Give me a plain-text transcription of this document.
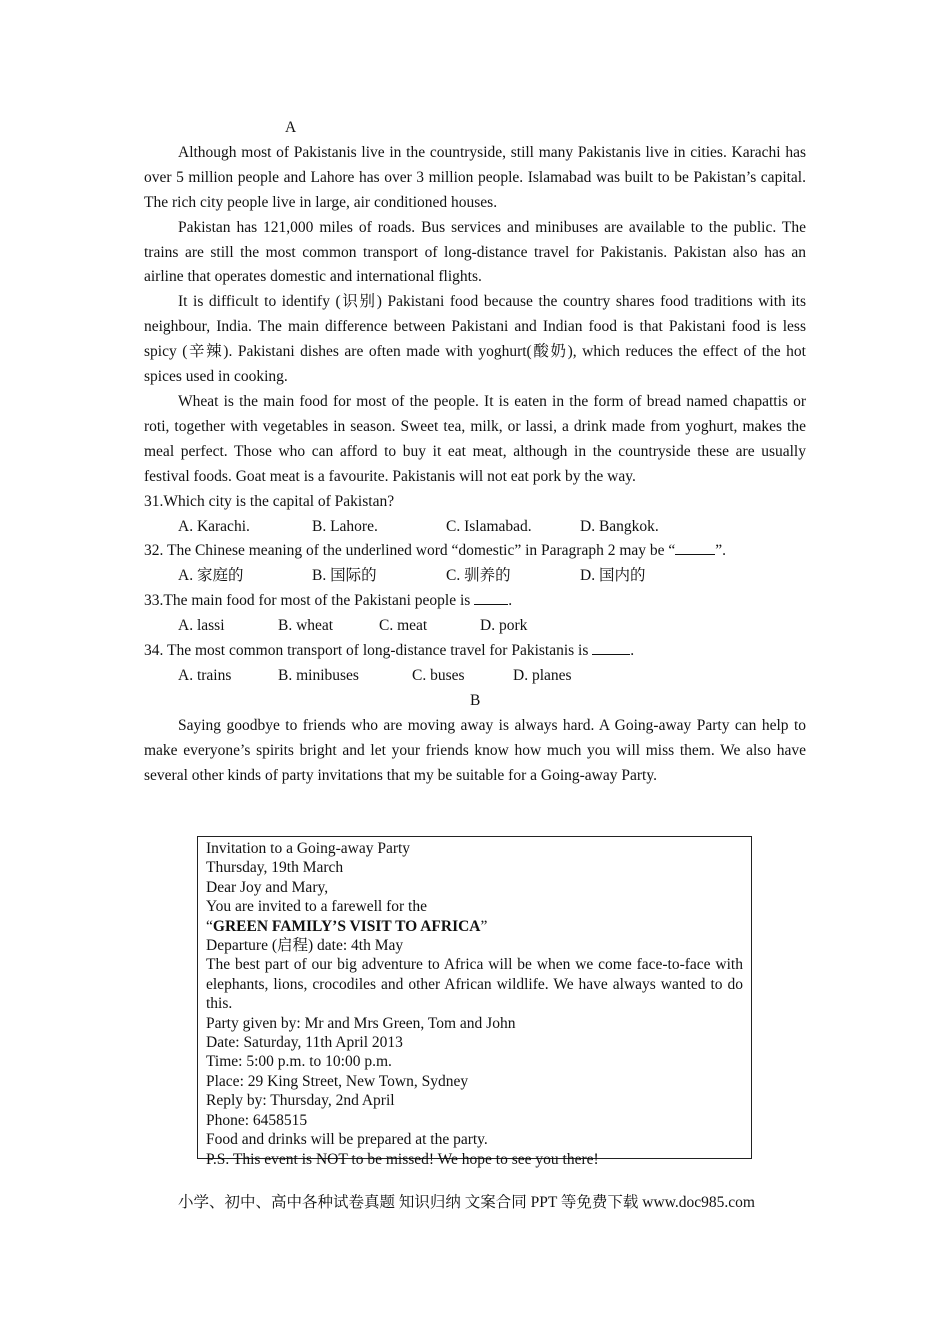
A

Although most of Pakistanis live in the countryside, still many Pakistanis live in cities. Karachi has over 5 million people and Lahore has over 3 million people. Islamabad was built to be Pakistan’s capital. The rich city people live in large, air conditioned houses.

Pakistan has 121,000 miles of roads. Bus services and minibuses are available to the public. The trains are still the most common transport of long-distance travel for Pakistanis. Pakistan also has an airline that operates domestic and international flights.

It is difficult to identify (识别) Pakistani food because the country shares food traditions with its neighbour, India. The main difference between Pakistani and Indian food is that Pakistani food is less spicy (辛辣). Pakistani dishes are often made with yoghurt(酸奶), which reduces the effect of the hot spices used in cooking.

Wheat is the main food for most of the people. It is eaten in the form of bread named chapattis or roti, together with vegetables in season. Sweet tea, milk, or lassi, a drink made from yoghurt, makes the meal perfect. Those who can afford to buy it eat meat, although in the countryside these are usually festival foods. Goat meat is a favourite. Pakistanis will not eat pork by the way.

31.Which city is the capital of Pakistan?

A. Karachi.	B. Lahore.	C. Islamabad.	D. Bangkok.

32. The Chinese meaning of the underlined word “domestic” in Paragraph 2 may be “	”.

A. 家庭的	B. 国际的	C. 驯养的	D. 国内的

33.The main food for most of the Pakistani people is .

A. lassi	B. wheat	C. meat	D. pork

34. The most common transport of long-distance travel for Pakistanis is .

A. trains	B. minibuses	C. buses	D. planes

B

Saying goodbye to friends who are moving away is always hard. A Going-away Party can help to make everyone’s spirits bright and let your friends know how much you will miss them. We also have several other kinds of party invitations that my be suitable for a Going-away Party.

Invitation to a Going-away Party
Thursday, 19th March
Dear Joy and Mary,
You are invited to a farewell for the
“GREEN FAMILY’S VISIT TO AFRICA”
Departure (启程) date: 4th May
The best part of our big adventure to Africa will be when we come face-to-face with elephants, lions, crocodiles and other African wildlife. We have always wanted to do this.
Party given by: Mr and Mrs Green, Tom and John
Date: Saturday, 11th April 2013
Time: 5:00 p.m. to 10:00 p.m.
Place: 29 King Street, New Town, Sydney
Reply by: Thursday, 2nd April
Phone: 6458515
Food and drinks will be prepared at the party.
P.S. This event is NOT to be missed! We hope to see you there!
小学、初中、高中各种试卷真题 知识归纳 文案合同 PPT 等免费下载 www.doc985.com
